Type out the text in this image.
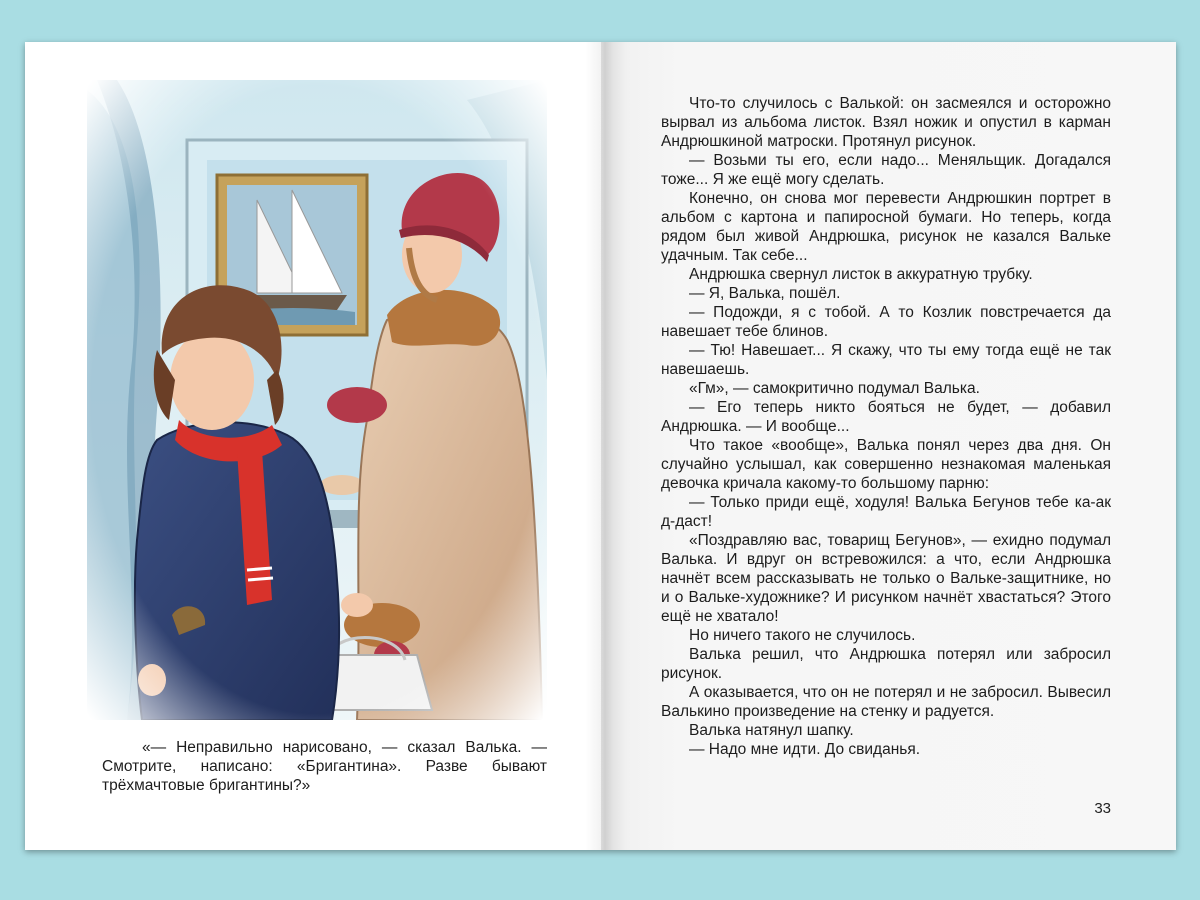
«— Неправильно нарисовано, — сказал Валька. — Смотрите, написано: «Бригантина». Разве бывают трёхмачтовые бригантины?»

Что-то случилось с Валькой: он засмеялся и осторожно вырвал из альбома листок. Взял ножик и опустил в карман Андрюшкиной матроски. Протянул рисунок.

— Возьми ты его, если надо... Меняльщик. Догадался тоже... Я же ещё могу сделать.

Конечно, он снова мог перевести Андрюшкин портрет в альбом с картона и папиросной бумаги. Но теперь, когда рядом был живой Андрюшка, рисунок не казался Вальке удачным. Так себе...

Андрюшка свернул листок в аккуратную трубку.

— Я, Валька, пошёл.

— Подожди, я с тобой. А то Козлик повстречается да навешает тебе блинов.

— Тю! Навешает... Я скажу, что ты ему тогда ещё не так навешаешь.

«Гм», — самокритично подумал Валька.

— Его теперь никто бояться не будет, — добавил Андрюшка. — И вообще...

Что такое «вообще», Валька понял через два дня. Он случайно услышал, как совершенно незнакомая маленькая девочка кричала какому-то большому парню:

— Только приди ещё, ходуля! Валька Бегунов тебе ка-ак д-даст!

«Поздравляю вас, товарищ Бегунов», — ехидно подумал Валька. И вдруг он встревожился: а что, если Андрюшка начнёт всем рассказывать не только о Вальке-защитнике, но и о Вальке-художнике? И рисунком начнёт хвастаться? Этого ещё не хватало!

Но ничего такого не случилось.

Валька решил, что Андрюшка потерял или забросил рисунок.

А оказывается, что он не потерял и не забросил. Вывесил Валькино произведение на стенку и радуется.

Валька натянул шапку.

— Надо мне идти. До свиданья.

33
